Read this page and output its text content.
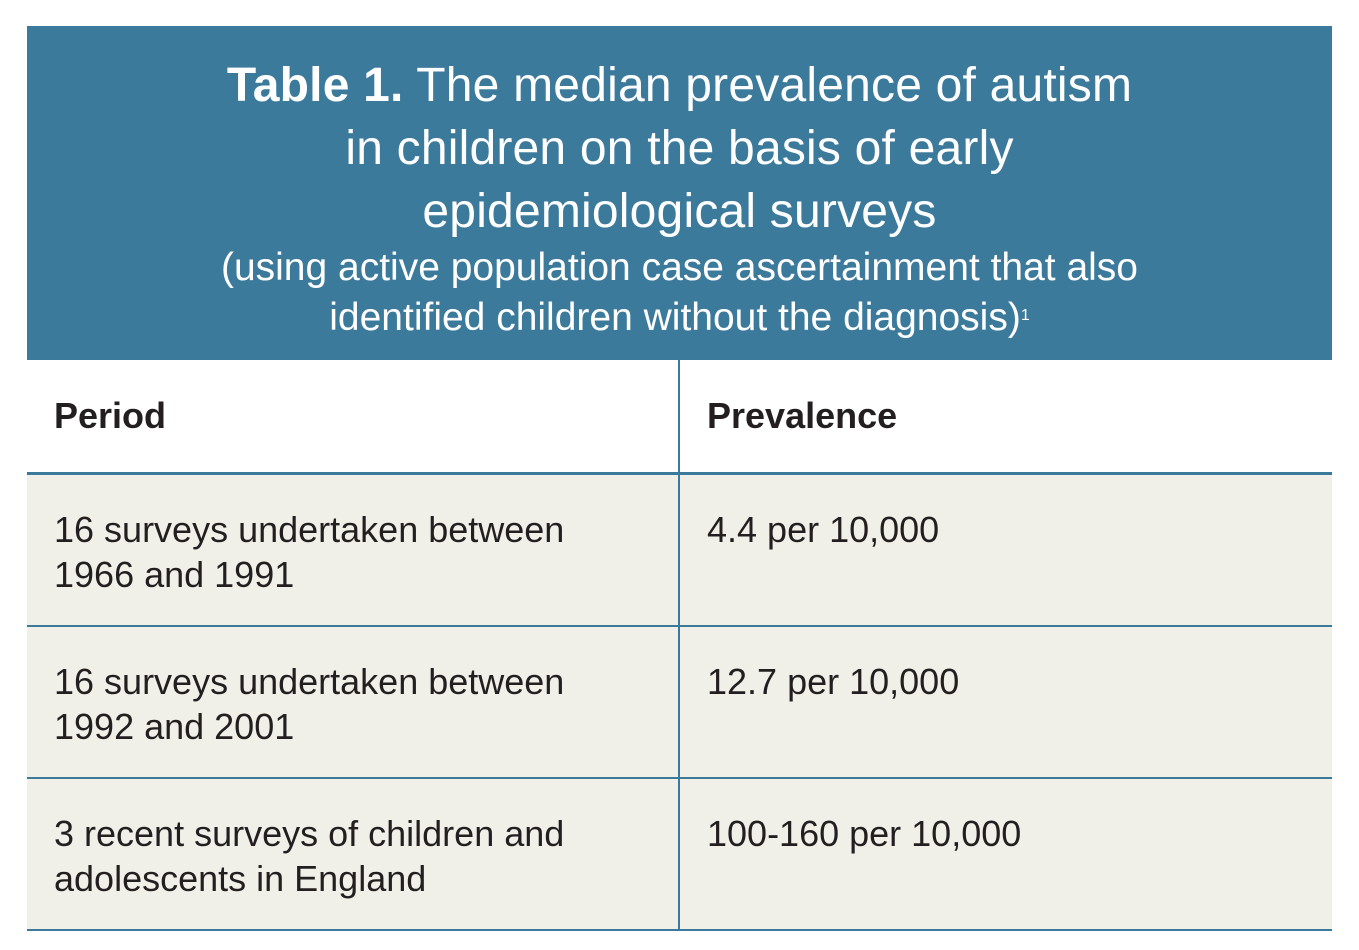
Table 1. The median prevalence of autism
in children on the basis of early
epidemiological surveys
(using active population case ascertainment that also
identified children without the diagnosis)$^1$
Period	Prevalence
16 surveys undertaken between 1966 and 1991	4.4 per 10,000
16 surveys undertaken between 1992 and 2001	12.7 per 10,000
3 recent surveys of children and adolescents in England	100-160 per 10,000
